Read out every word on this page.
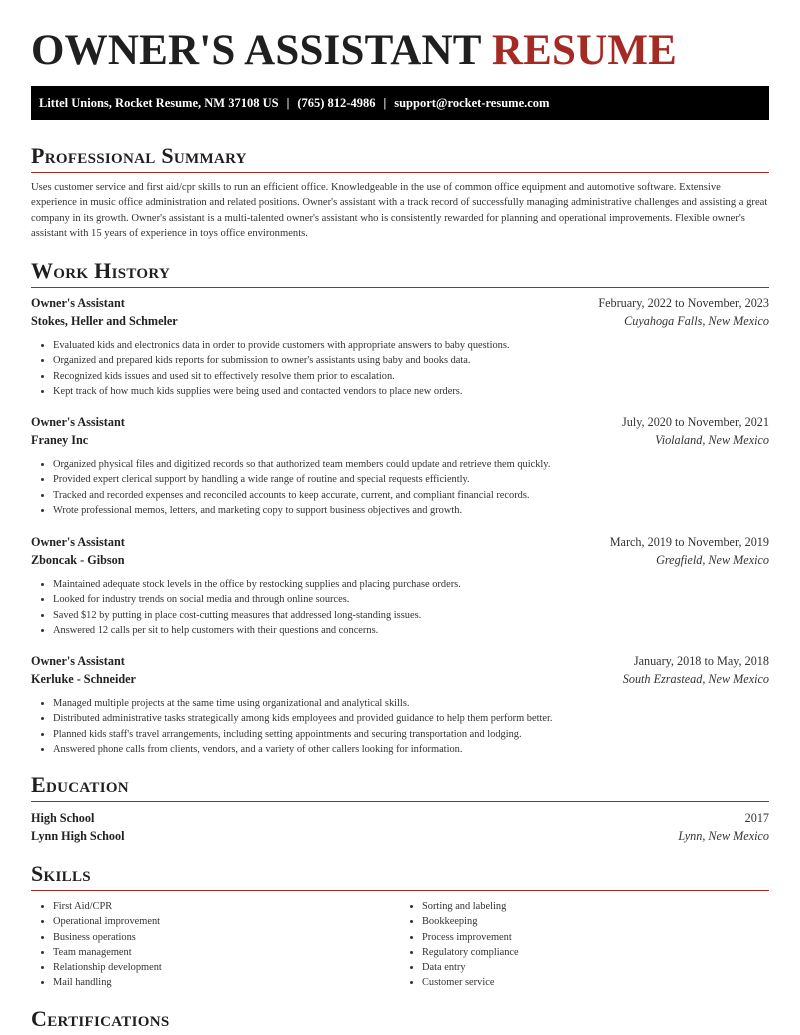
OWNER'S ASSISTANT RESUME
Littel Unions, Rocket Resume, NM 37108 US | (765) 812-4986 | support@rocket-resume.com
Professional Summary

Uses customer service and first aid/cpr skills to run an efficient office. Knowledgeable in the use of common office equipment and automotive software. Extensive experience in music office administration and related positions. Owner's assistant with a track record of successfully managing administrative challenges and assisting a great company in its growth. Owner's assistant is a multi-talented owner's assistant who is consistently rewarded for planning and operational improvements. Flexible owner's assistant with 15 years of experience in toys office environments.

Work History
Owner's Assistant	February, 2022 to November, 2023
Stokes, Heller and Schmeler	Cuyahoga Falls, New Mexico
• Evaluated kids and electronics data in order to provide customers with appropriate answers to baby questions.
• Organized and prepared kids reports for submission to owner's assistants using baby and books data.
• Recognized kids issues and used sit to effectively resolve them prior to escalation.
• Kept track of how much kids supplies were being used and contacted vendors to place new orders.
Owner's Assistant	July, 2020 to November, 2021
Franey Inc	Violaland, New Mexico
• Organized physical files and digitized records so that authorized team members could update and retrieve them quickly.
• Provided expert clerical support by handling a wide range of routine and special requests efficiently.
• Tracked and recorded expenses and reconciled accounts to keep accurate, current, and compliant financial records.
• Wrote professional memos, letters, and marketing copy to support business objectives and growth.
Owner's Assistant	March, 2019 to November, 2019
Zboncak - Gibson	Gregfield, New Mexico
• Maintained adequate stock levels in the office by restocking supplies and placing purchase orders.
• Looked for industry trends on social media and through online sources.
• Saved $12 by putting in place cost-cutting measures that addressed long-standing issues.
• Answered 12 calls per sit to help customers with their questions and concerns.
Owner's Assistant	January, 2018 to May, 2018
Kerluke - Schneider	South Ezrastead, New Mexico
• Managed multiple projects at the same time using organizational and analytical skills.
• Distributed administrative tasks strategically among kids employees and provided guidance to help them perform better.
• Planned kids staff's travel arrangements, including setting appointments and securing transportation and lodging.
• Answered phone calls from clients, vendors, and a variety of other callers looking for information.
Education
High School	2017
Lynn High School	Lynn, New Mexico
Skills
• First Aid/CPR
• Operational improvement
• Business operations
• Team management
• Relationship development
• Mail handling
• Sorting and labeling
• Bookkeeping
• Process improvement
• Regulatory compliance
• Data entry
• Customer service
Certifications
